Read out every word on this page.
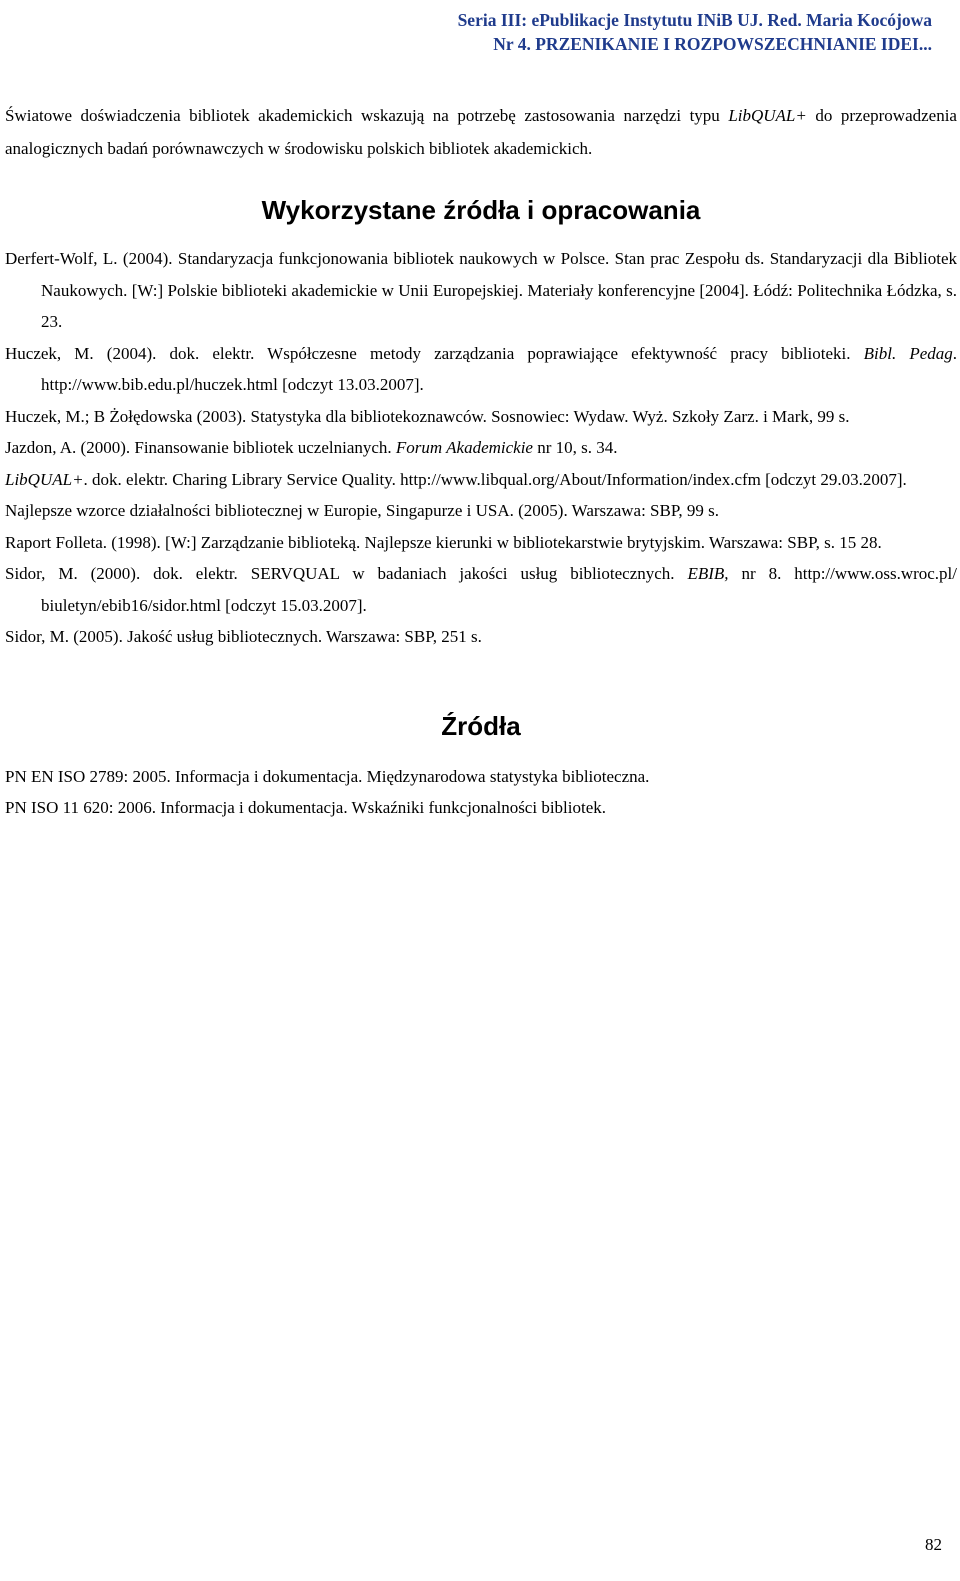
Seria III: ePublikacje Instytutu INiB UJ. Red. Maria Kocójowa
Nr 4. PRZENIKANIE I ROZPOWSZECHNIANIE IDEI...

Światowe doświadczenia bibliotek akademickich wskazują na potrzebę zastosowania narzędzi typu LibQUAL+ do przeprowadzenia analogicznych badań porównawczych w środowisku polskich bibliotek akademickich.

Wykorzystane źródła i opracowania

Derfert-Wolf, L. (2004). Standaryzacja funkcjonowania bibliotek naukowych w Polsce. Stan prac Zespołu ds. Standaryzacji dla Bibliotek Naukowych. [W:] Polskie biblioteki akademickie w Unii Europejskiej. Materiały konferencyjne [2004]. Łódź: Politechnika Łódzka, s. 23.

Huczek, M. (2004). dok. elektr. Współczesne metody zarządzania poprawiające efektywność pracy biblioteki. Bibl. Pedag. http://www.bib.edu.pl/huczek.html [odczyt 13.03.2007].

Huczek, M.; B Żołędowska (2003). Statystyka dla bibliotekoznawców. Sosnowiec: Wydaw. Wyż. Szkoły Zarz. i Mark, 99 s.

Jazdon, A. (2000). Finansowanie bibliotek uczelnianych. Forum Akademickie nr 10, s. 34.

LibQUAL+. dok. elektr. Charing Library Service Quality. http://www.libqual.org/About/Information/index.cfm [odczyt 29.03.2007].

Najlepsze wzorce działalności bibliotecznej w Europie, Singapurze i USA. (2005). Warszawa: SBP, 99 s.

Raport Folleta. (1998). [W:] Zarządzanie biblioteką. Najlepsze kierunki w bibliotekarstwie brytyjskim. Warszawa: SBP, s. 15 28.

Sidor, M. (2000). dok. elektr. SERVQUAL w badaniach jakości usług bibliotecznych. EBIB, nr 8. http://www.oss.wroc.pl/ biuletyn/ebib16/sidor.html [odczyt 15.03.2007].

Sidor, M. (2005). Jakość usług bibliotecznych. Warszawa: SBP, 251 s.

Źródła

PN EN ISO 2789: 2005. Informacja i dokumentacja. Międzynarodowa statystyka biblioteczna.

PN ISO 11 620: 2006. Informacja i dokumentacja. Wskaźniki funkcjonalności bibliotek.

82
